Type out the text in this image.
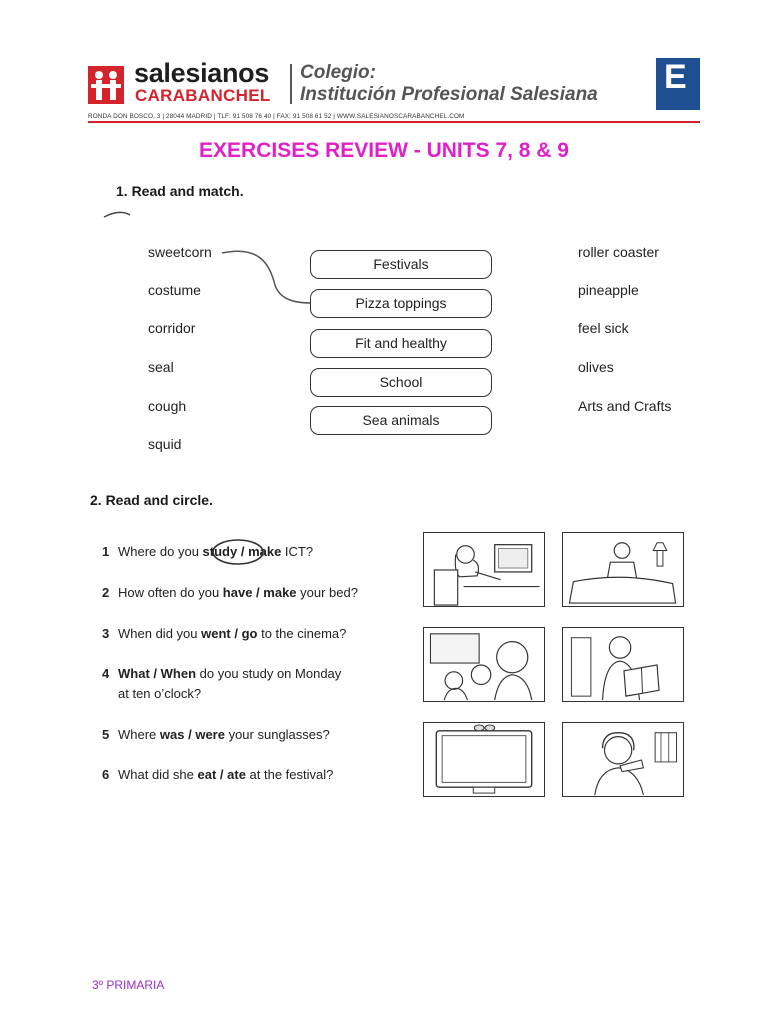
salesianos
CARABANCHEL
Colegio:
Institución Profesional Salesiana E
RONDA DON BOSCO, 3 | 28044 MADRID | TLF: 91 508 76 40 | FAX: 91 508 61 52 | WWW.SALESIANOSCARABANCHEL.COM
EXERCISES REVIEW - UNITS 7, 8 & 9
1. Read and match.
sweetcorn
costume
corridor
seal
cough
squid
Festivals
Pizza toppings
Fit and healthy
School
Sea animals
roller coaster
pineapple
feel sick
olives
Arts and Crafts
2. Read and circle.
1 Where do you study / make ICT?
2 How often do you have / make your bed?
3 When did you went / go to the cinema?
4 What / When do you study on Monday
at ten o’clock?
5 Where was / were your sunglasses?
6 What did she eat / ate at the festival?
3º PRIMARIA
